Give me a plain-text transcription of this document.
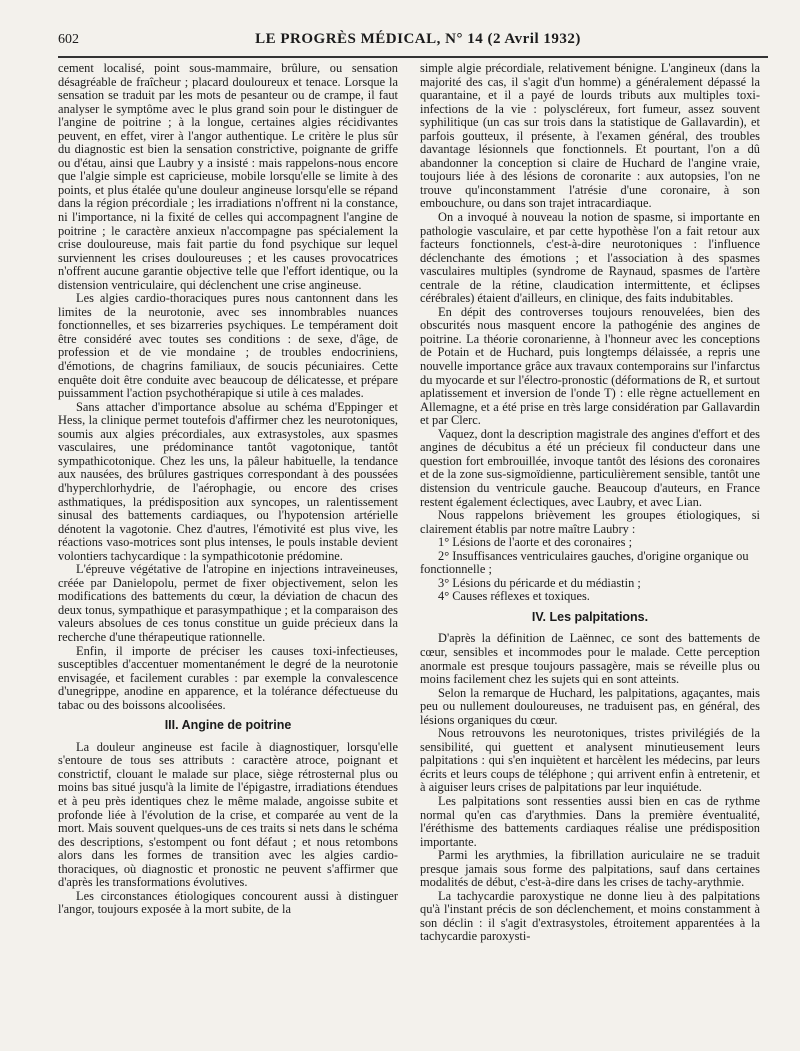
602	LE PROGRÈS MÉDICAL, N° 14 (2 Avril 1932)

cement localisé, point sous-mammaire, brûlure, ou sensation désagréable de fraîcheur ; placard douloureux et tenace. Lorsque la sensation se traduit par les mots de pesanteur ou de crampe, il faut analyser le symptôme avec le plus grand soin pour le distinguer de l'angine de poitrine ; à la longue, certaines algies récidivantes peuvent, en effet, virer à l'angor authentique. Le critère le plus sûr du diagnostic est bien la sensation constrictive, poignante de griffe ou d'étau, ainsi que Laubry y a insisté : mais rappelons-nous encore que l'algie simple est capricieuse, mobile lorsqu'elle se limite à des points, et plus étalée qu'une douleur angineuse lorsqu'elle se répand dans la région précordiale ; les irradiations n'offrent ni la constance, ni l'importance, ni la fixité de celles qui accompagnent l'angine de poitrine ; le caractère anxieux n'accompagne pas spécialement la crise douloureuse, mais fait partie du fond psychique sur lequel surviennent les crises douloureuses ; et les causes provocatrices n'offrent aucune garantie objective telle que l'effort identique, ou la distension ventriculaire, qui déclenchent une crise angineuse.

Les algies cardio-thoraciques pures nous cantonnent dans les limites de la neurotonie, avec ses innombrables nuances fonctionnelles, et ses bizarreries psychiques. Le tempérament doit être considéré avec toutes ses conditions : de sexe, d'âge, de profession et de vie mondaine ; de troubles endocriniens, d'émotions, de chagrins familiaux, de soucis pécuniaires. Cette enquête doit être conduite avec beaucoup de délicatesse, et prépare puissamment l'action psychothérapique si utile à ces malades.

Sans attacher d'importance absolue au schéma d'Eppinger et Hess, la clinique permet toutefois d'affirmer chez les neurotoniques, soumis aux algies précordiales, aux extrasystoles, aux spasmes vasculaires, une prédominance tantôt vagotonique, tantôt sympathicotonique. Chez les uns, la pâleur habituelle, la tendance aux nausées, des brûlures gastriques correspondant à des poussées d'hyperchlorhydrie, de l'aérophagie, ou encore des crises asthmatiques, la prédisposition aux syncopes, un ralentissement sinusal des battements cardiaques, ou l'hypotension artérielle dénotent la vagotonie. Chez d'autres, l'émotivité est plus vive, les réactions vaso-motrices sont plus intenses, le pouls instable devient volontiers tachycardique : la sympathicotonie prédomine.

L'épreuve végétative de l'atropine en injections intraveineuses, créée par Danielopolu, permet de fixer objectivement, selon les modifications des battements du cœur, la déviation de chacun des deux tonus, sympathique et parasympathique ; et la comparaison des valeurs absolues de ces tonus constitue un guide précieux dans la recherche d'une thérapeutique rationnelle.

Enfin, il importe de préciser les causes toxi-infectieuses, susceptibles d'accentuer momentanément le degré de la neurotonie envisagée, et facilement curables : par exemple la convalescence d'unegrippe, anodine en apparence, et la tolérance défectueuse du tabac ou des boissons alcoolisées.

III. Angine de poitrine

La douleur angineuse est facile à diagnostiquer, lorsqu'elle s'entoure de tous ses attributs : caractère atroce, poignant et constrictif, clouant le malade sur place, siège rétrosternal plus ou moins bas situé jusqu'à la limite de l'épigastre, irradiations étendues et à peu près identiques chez le même malade, angoisse subite et profonde liée à l'évolution de la crise, et comparée au vent de la mort. Mais souvent quelques-uns de ces traits si nets dans le schéma des descriptions, s'estompent ou font défaut ; et nous retombons alors dans les formes de transition avec les algies cardio-thoraciques, où diagnostic et pronostic ne peuvent s'affirmer que d'après les transformations évolutives.

Les circonstances étiologiques concourent aussi à distinguer l'angor, toujours exposée à la mort subite, de la

simple algie précordiale, relativement bénigne. L'angineux (dans la majorité des cas, il s'agit d'un homme) a généralement dépassé la quarantaine, et il a payé de lourds tributs aux multiples toxi-infections de la vie : polyscléreux, fort fumeur, assez souvent syphilitique (un cas sur trois dans la statistique de Gallavardin), et parfois goutteux, il présente, à l'examen général, des troubles davantage lésionnels que fonctionnels. Et pourtant, l'on a dû abandonner la conception si claire de Huchard de l'angine vraie, toujours liée à des lésions de coronarite : aux autopsies, l'on ne trouve qu'inconstamment l'atrésie d'une coronaire, à son embouchure, ou dans son trajet intracardiaque.

On a invoqué à nouveau la notion de spasme, si importante en pathologie vasculaire, et par cette hypothèse l'on a fait retour aux facteurs fonctionnels, c'est-à-dire neurotoniques : l'influence déclenchante des émotions ; et l'association à des spasmes vasculaires multiples (syndrome de Raynaud, spasmes de l'artère centrale de la rétine, claudication intermittente, et éclipses cérébrales) étaient d'ailleurs, en clinique, des faits indubitables.

En dépit des controverses toujours renouvelées, bien des obscurités nous masquent encore la pathogénie des angines de poitrine. La théorie coronarienne, à l'honneur avec les conceptions de Potain et de Huchard, puis longtemps délaissée, a repris une nouvelle importance grâce aux travaux contemporains sur l'infarctus du myocarde et sur l'électro-pronostic (déformations de R, et surtout aplatissement et inversion de l'onde T) : elle règne actuellement en Allemagne, et a été prise en très large considération par Gallavardin et par Clerc.

Vaquez, dont la description magistrale des angines d'effort et des angines de décubitus a été un précieux fil conducteur dans une question fort embrouillée, invoque tantôt des lésions des coronaires et de la zone sus-sigmoïdienne, particulièrement sensible, tantôt une distension du ventricule gauche. Beaucoup d'auteurs, en France restent également éclectiques, avec Laubry, et avec Lian.

Nous rappelons brièvement les groupes étiologiques, si clairement établis par notre maître Laubry :

1° Lésions de l'aorte et des coronaires ;

2° Insuffisances ventriculaires gauches, d'origine organique ou fonctionnelle ;

3° Lésions du péricarde et du médiastin ;

4° Causes réflexes et toxiques.

IV. Les palpitations.

D'après la définition de Laënnec, ce sont des battements de cœur, sensibles et incommodes pour le malade. Cette perception anormale est presque toujours passagère, mais se réveille plus ou moins facilement chez les sujets qui en sont atteints.

Selon la remarque de Huchard, les palpitations, agaçantes, mais peu ou nullement douloureuses, ne traduisent pas, en général, des lésions organiques du cœur.

Nous retrouvons les neurotoniques, tristes privilégiés de la sensibilité, qui guettent et analysent minutieusement leurs palpitations : qui s'en inquiètent et harcèlent les médecins, par leurs écrits et leurs coups de téléphone ; qui arrivent enfin à entretenir, et à aiguiser leurs crises de palpitations par leur inquiétude.

Les palpitations sont ressenties aussi bien en cas de rythme normal qu'en cas d'arythmies. Dans la première éventualité, l'éréthisme des battements cardiaques réalise une prédisposition importante.

Parmi les arythmies, la fibrillation auriculaire ne se traduit presque jamais sous forme des palpitations, sauf dans certaines modalités de début, c'est-à-dire dans les crises de tachy-arythmie.

La tachycardie paroxystique ne donne lieu à des palpitations qu'à l'instant précis de son déclenchement, et moins constamment à son déclin : il s'agit d'extrasystoles, étroitement apparentées à la tachycardie paroxysti-
